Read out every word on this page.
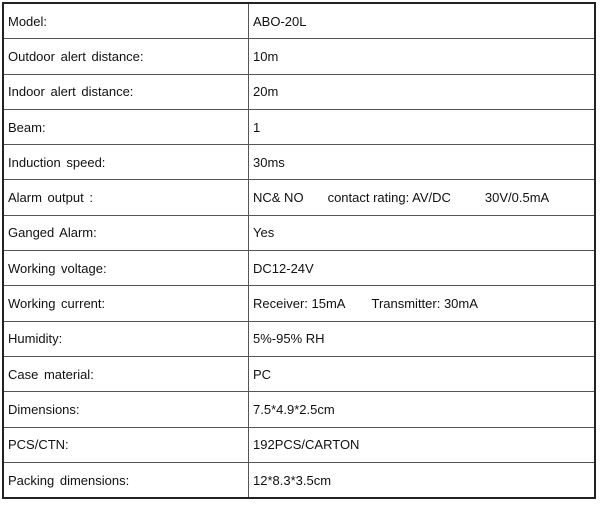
Model:	ABO-20L
Outdoor alert distance:	10m
Indoor alert distance:	20m
Beam:	1
Induction speed:	30ms
Alarm output :	NC& NO contact rating: AV/DC 30V/0.5mA
Ganged Alarm:	Yes
Working voltage:	DC12-24V
Working current:	Receiver: 15mA Transmitter: 30mA
Humidity:	5%-95% RH
Case material:	PC
Dimensions:	7.5*4.9*2.5cm
PCS/CTN:	192PCS/CARTON
Packing dimensions:	12*8.3*3.5cm
